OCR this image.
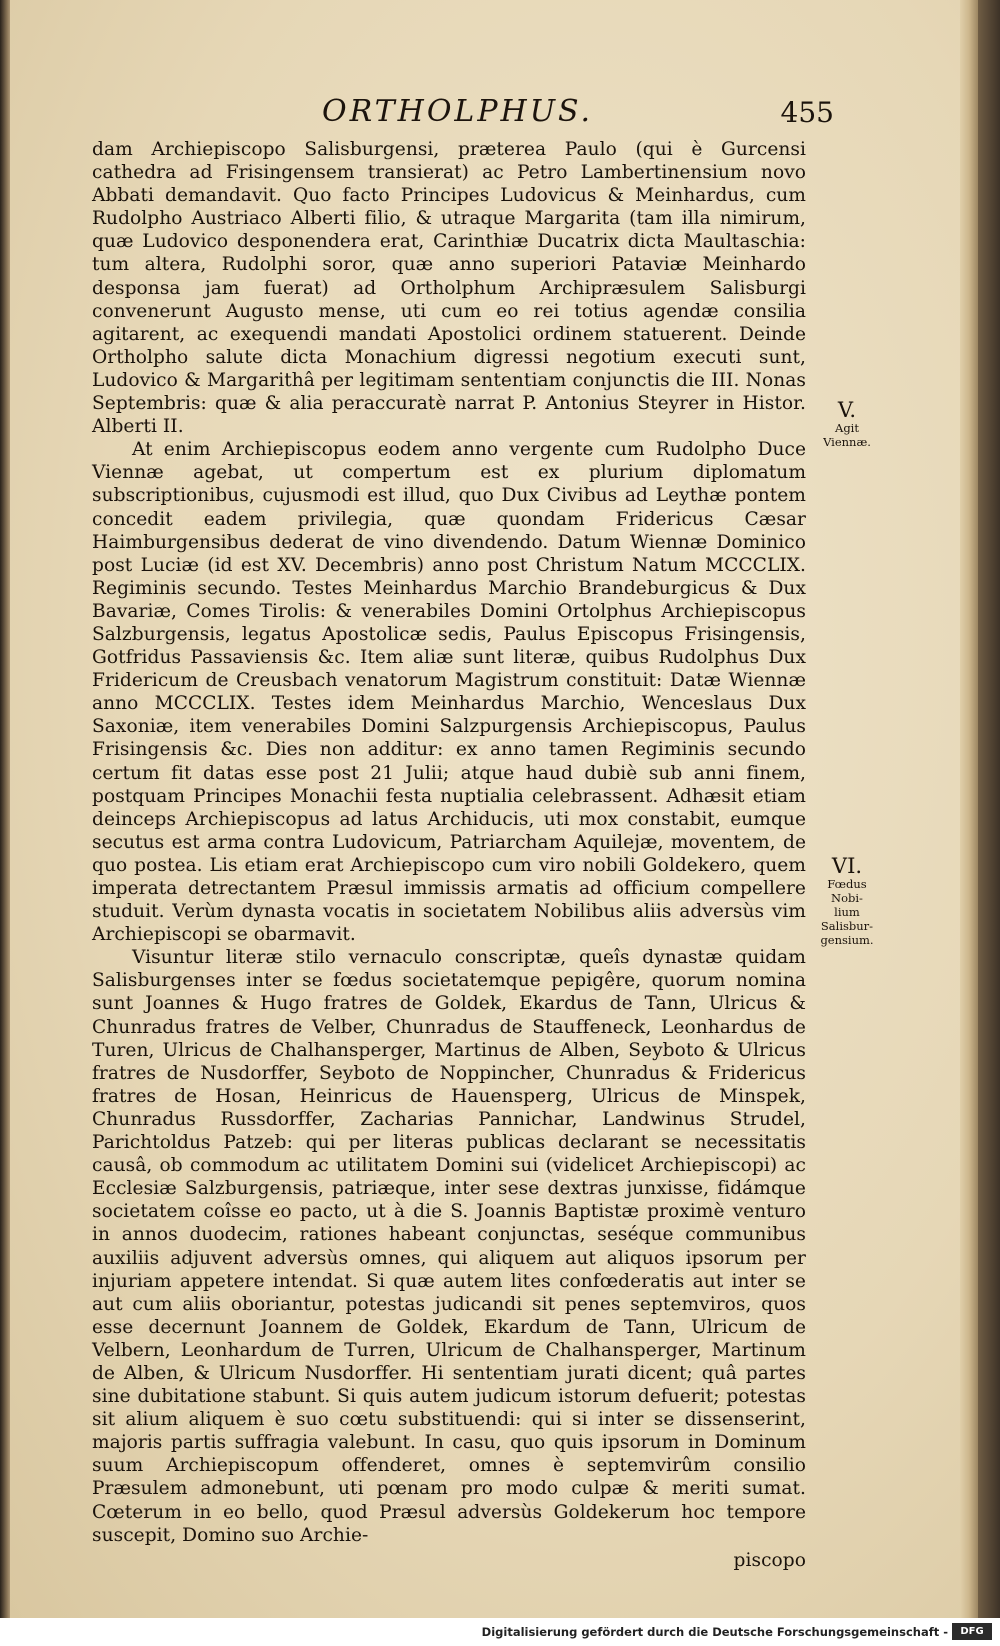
ORTHOLPHUS.	455

dam Archiepiscopo Salisburgensi, præterea Paulo (qui è Gurcensi cathedra ad Frisingensem transierat) ac Petro Lambertinensium novo Abbati demandavit. Quo facto Principes Ludovicus & Meinhardus, cum Rudolpho Austriaco Alberti filio, & utraque Margarita (tam illa nimirum, quæ Ludovico desponendera erat, Carinthiæ Ducatrix dicta Maultaschia: tum altera, Rudolphi soror, quæ anno superiori Pataviæ Meinhardo desponsa jam fuerat) ad Ortholphum Archipræsulem Salisburgi convenerunt Augusto mense, uti cum eo rei totius agendæ consilia agitarent, ac exequendi mandati Apostolici ordinem statuerent. Deinde Ortholpho salute dicta Monachium digressi negotium executi sunt, Ludovico & Margarithâ per legitimam sententiam conjunctis die III. Nonas Septembris: quæ & alia peraccuratè narrat P. Antonius Steyrer in Histor. Alberti II.

At enim Archiepiscopus eodem anno vergente cum Rudolpho Duce Viennæ agebat, ut compertum est ex plurium diplomatum subscriptionibus, cujusmodi est illud, quo Dux Civibus ad Leythæ pontem concedit eadem privilegia, quæ quondam Fridericus Cæsar Haimburgensibus dederat de vino divendendo. Datum Wiennæ Dominico post Luciæ (id est XV. Decembris) anno post Christum Natum MCCCLIX. Regiminis secundo. Testes Meinhardus Marchio Brandeburgicus & Dux Bavariæ, Comes Tirolis: & venerabiles Domini Ortolphus Archiepiscopus Salzburgensis, legatus Apostolicæ sedis, Paulus Episcopus Frisingensis, Gotfridus Passaviensis &c. Item aliæ sunt literæ, quibus Rudolphus Dux Fridericum de Creusbach venatorum Magistrum constituit: Datæ Wiennæ anno MCCCLIX. Testes idem Meinhardus Marchio, Wenceslaus Dux Saxoniæ, item venerabiles Domini Salzpurgensis Archiepiscopus, Paulus Frisingensis &c. Dies non additur: ex anno tamen Regiminis secundo certum fit datas esse post 21 Julii; atque haud dubiè sub anni finem, postquam Principes Monachii festa nuptialia celebrassent. Adhæsit etiam deinceps Archiepiscopus ad latus Archiducis, uti mox constabit, eumque secutus est arma contra Ludovicum, Patriarcham Aquilejæ, moventem, de quo postea. Lis etiam erat Archiepiscopo cum viro nobili Goldekero, quem imperata detrectantem Præsul immissis armatis ad officium compellere studuit. Verùm dynasta vocatis in societatem Nobilibus aliis adversùs vim Archiepiscopi se obarmavit.

Visuntur literæ stilo vernaculo conscriptæ, queîs dynastæ quidam Salisburgenses inter se fœdus societatemque pepigêre, quorum nomina sunt Joannes & Hugo fratres de Goldek, Ekardus de Tann, Ulricus & Chunradus fratres de Velber, Chunradus de Stauffeneck, Leonhardus de Turen, Ulricus de Chalhansperger, Martinus de Alben, Seyboto & Ulricus fratres de Nusdorffer, Seyboto de Noppincher, Chunradus & Fridericus fratres de Hosan, Heinricus de Hauensperg, Ulricus de Minspek, Chunradus Russdorffer, Zacharias Pannichar, Landwinus Strudel, Parichtoldus Patzeb: qui per literas publicas declarant se necessitatis causâ, ob commodum ac utilitatem Domini sui (videlicet Archiepiscopi) ac Ecclesiæ Salzburgensis, patriæque, inter sese dextras junxisse, fidámque societatem coîsse eo pacto, ut à die S. Joannis Baptistæ proximè venturo in annos duodecim, rationes habeant conjunctas, seséque communibus auxiliis adjuvent adversùs omnes, qui aliquem aut aliquos ipsorum per injuriam appetere intendat. Si quæ autem lites confœderatis aut inter se aut cum aliis oboriantur, potestas judicandi sit penes septemviros, quos esse decernunt Joannem de Goldek, Ekardum de Tann, Ulricum de Velbern, Leonhardum de Turren, Ulricum de Chalhansperger, Martinum de Alben, & Ulricum Nusdorffer. Hi sententiam jurati dicent; quâ partes sine dubitatione stabunt. Si quis autem judicum istorum defuerit; potestas sit alium aliquem è suo cœtu substituendi: qui si inter se dissenserint, majoris partis suffragia valebunt. In casu, quo quis ipsorum in Dominum suum Archiepiscopum offenderet, omnes è septemvirûm consilio Præsulem admonebunt, uti pœnam pro modo culpæ & meriti sumat. Cœterum in eo bello, quod Præsul adversùs Goldekerum hoc tempore suscepit, Domino suo Archie-

piscopo

V.
Agit
Viennæ.
VI.
Fœdus Nobi-
lium Salisbur-
gensium.
Digitalisierung gefördert durch die Deutsche Forschungsgemeinschaft -	DFG
